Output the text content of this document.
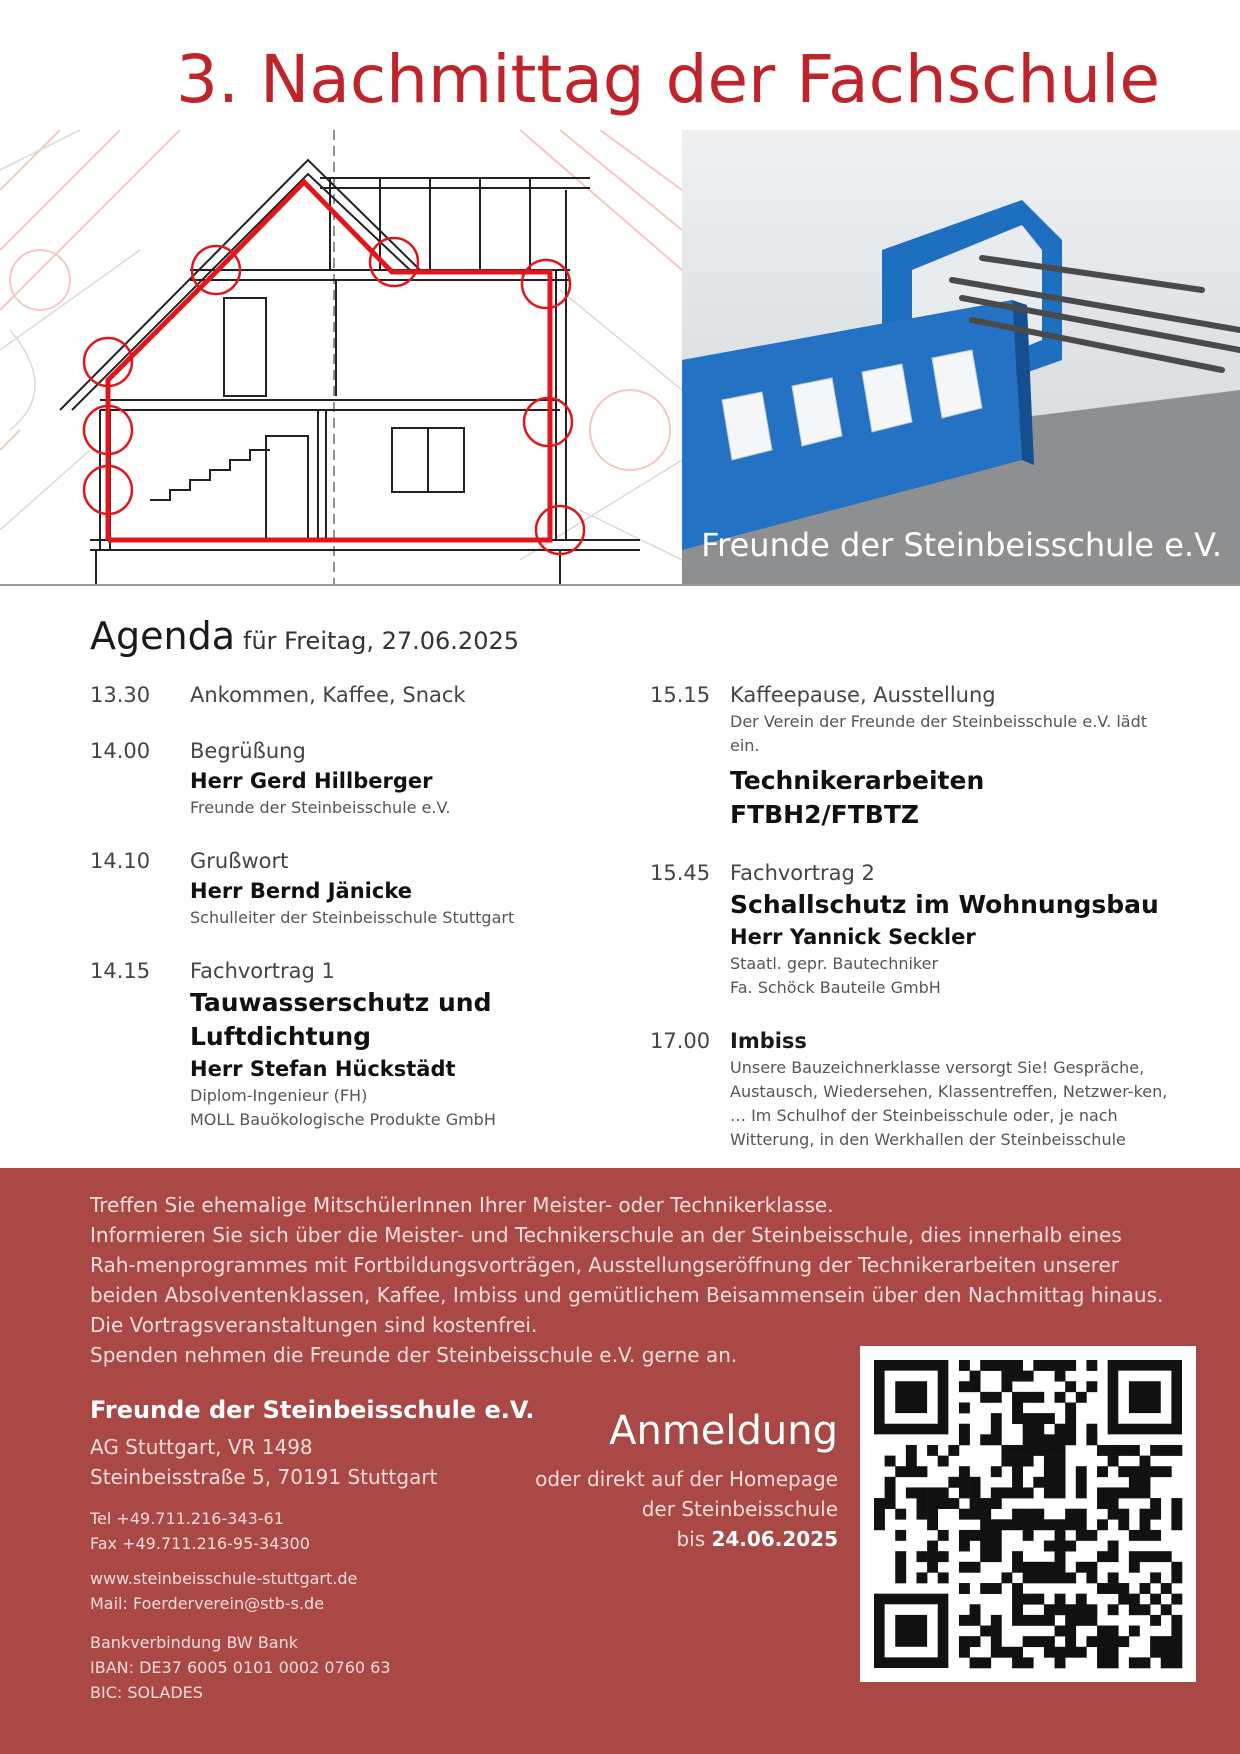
3. Nachmittag der Fachschule
Freunde der Steinbeisschule e.V.
Agenda für Freitag, 27.06.2025
13.30	Ankommen, Kaffee, Snack
14.00	Begrüßung
Herr Gerd Hillberger
Freunde der Steinbeisschule e.V.
14.10	Grußwort
Herr Bernd Jänicke
Schulleiter der Steinbeisschule Stuttgart
14.15	Fachvortrag 1
Tauwasserschutz und Luftdichtung
Herr Stefan Hückstädt
Diplom-Ingenieur (FH)
MOLL Bauökologische Produkte GmbH
15.15 Kaffeepause, Ausstellung
Der Verein der Freunde der Steinbeisschule e.V. lädt ein.
Technikerarbeiten FTBH2/FTBTZ
15.45 Fachvortrag 2
Schallschutz im Wohnungsbau
Herr Yannick Seckler
Staatl. gepr. Bautechniker
Fa. Schöck Bauteile GmbH
17.00 Imbiss
Unsere Bauzeichnerklasse versorgt Sie! Gespräche, Austausch, Wiedersehen, Klassentreffen, Netzwer-ken, … Im Schulhof der Steinbeisschule oder, je nach Witterung, in den Werkhallen der Steinbeisschule

Treffen Sie ehemalige MitschülerInnen Ihrer Meister- oder Technikerklasse.

Informieren Sie sich über die Meister- und Technikerschule an der Steinbeisschule, dies innerhalb eines Rah-menprogrammes mit Fortbildungsvorträgen, Ausstellungseröffnung der Technikerarbeiten unserer beiden Absolventenklassen, Kaffee, Imbiss und gemütlichem Beisammensein über den Nachmittag hinaus.

Die Vortragsveranstaltungen sind kostenfrei.

Spenden nehmen die Freunde der Steinbeisschule e.V. gerne an.

Freunde der Steinbeisschule e.V.
AG Stuttgart, VR 1498
Steinbeisstraße 5, 70191 Stuttgart
Tel +49.711.216-343-61
Fax +49.711.216-95-34300
www.steinbeisschule-stuttgart.de
Mail: Foerderverein@stb-s.de
Bankverbindung BW Bank
IBAN: DE37 6005 0101 0002 0760 63
BIC: SOLADES
Anmeldung
oder direkt auf der Homepage
der Steinbeisschule
bis 24.06.2025
